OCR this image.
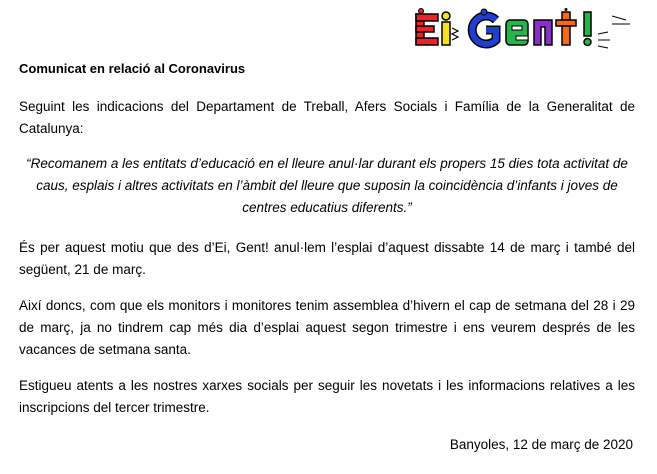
Comunicat en relació al Coronavirus
Seguint les indicacions del Departament de Treball, Afers Socials i Família de la Generalitat de Catalunya:
“Recomanem a les entitats d’educació en el lleure anul·lar durant els propers 15 dies tota activitat de caus, esplais i altres activitats en l’àmbit del lleure que suposin la coincidència d’infants i joves de centres educatius diferents.”
És per aquest motiu que des d’Ei, Gent! anul·lem l’esplai d’aquest dissabte 14 de març i també del següent, 21 de març.
Així doncs, com que els monitors i monitores tenim assemblea d’hivern el cap de setmana del 28 i 29 de març, ja no tindrem cap més dia d’esplai aquest segon trimestre i ens veurem després de les vacances de setmana santa.
Estigueu atents a les nostres xarxes socials per seguir les novetats i les informacions relatives a les inscripcions del tercer trimestre.
Banyoles, 12 de març de 2020
